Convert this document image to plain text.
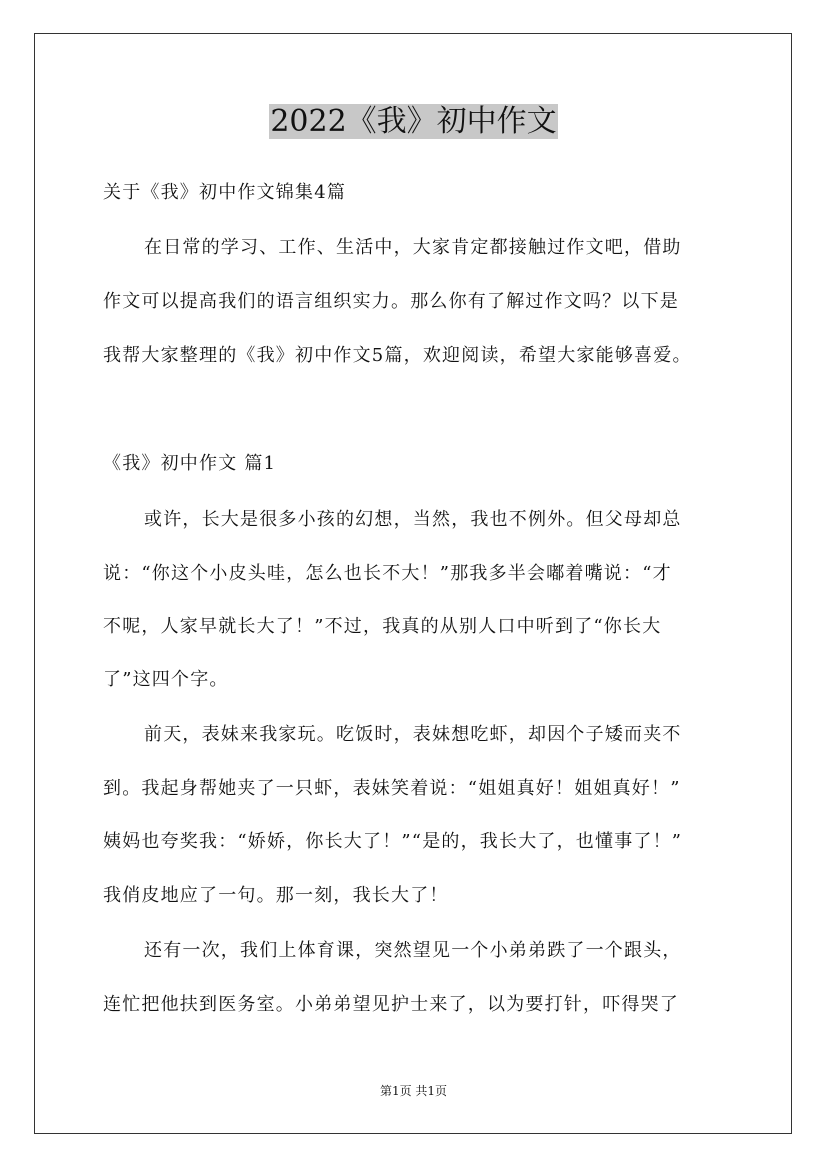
2022《我》初中作文
关于《我》初中作文锦集4篇
在日常的学习、工作、生活中，大家肯定都接触过作文吧，借助
作文可以提高我们的语言组织实力。那么你有了解过作文吗？以下是
我帮大家整理的《我》初中作文5篇，欢迎阅读，希望大家能够喜爱。
《我》初中作文 篇1
或许，长大是很多小孩的幻想，当然，我也不例外。但父母却总
说：“你这个小皮头哇，怎么也长不大！”那我多半会嘟着嘴说：“才
不呢，人家早就长大了！”不过，我真的从别人口中听到了“你长大
了”这四个字。
前天，表妹来我家玩。吃饭时，表妹想吃虾，却因个子矮而夹不
到。我起身帮她夹了一只虾，表妹笑着说：“姐姐真好！姐姐真好！”
姨妈也夸奖我：“娇娇，你长大了！”“是的，我长大了，也懂事了！”
我俏皮地应了一句。那一刻，我长大了！
还有一次，我们上体育课，突然望见一个小弟弟跌了一个跟头，
连忙把他扶到医务室。小弟弟望见护士来了，以为要打针，吓得哭了
第1页 共1页
